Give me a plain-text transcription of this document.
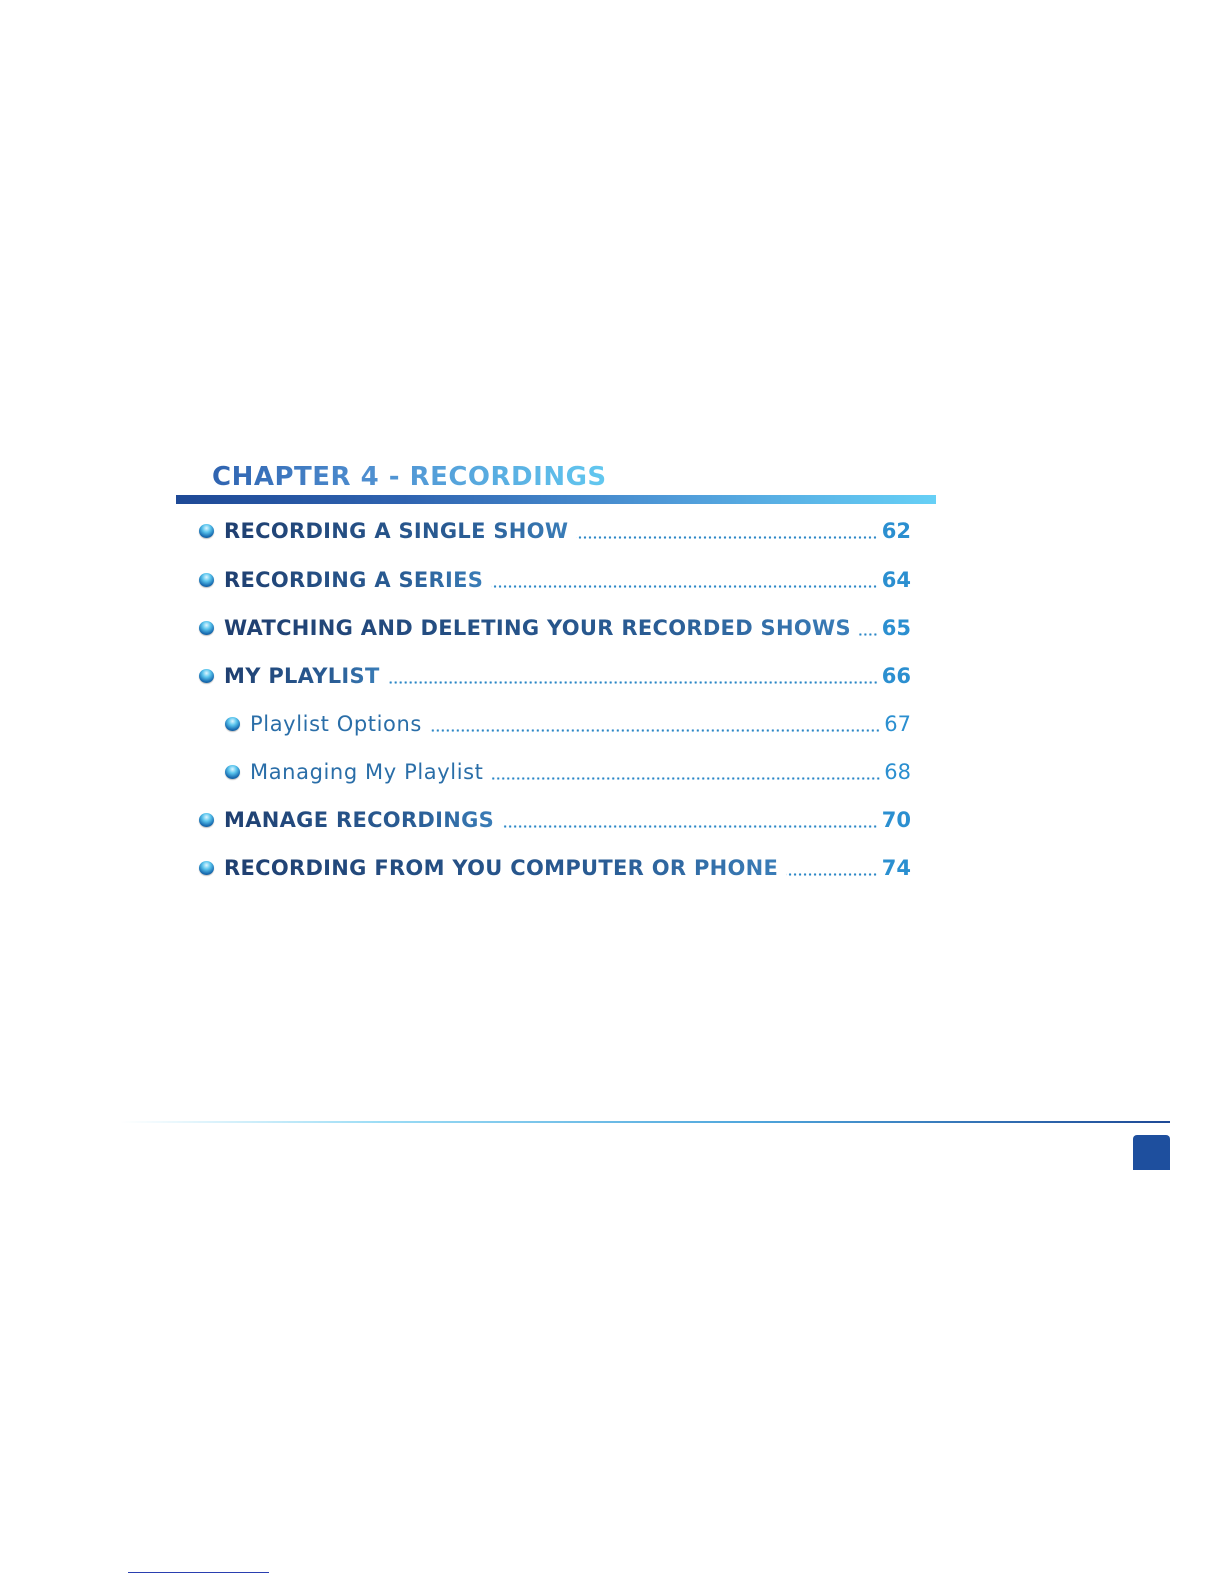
CHAPTER 4 - RECORDINGS
RECORDING A SINGLE SHOW	62
RECORDING A SERIES	64
WATCHING AND DELETING YOUR RECORDED SHOWS 65
MY PLAYLIST	66
Playlist Options	67
Managing My Playlist	68
MANAGE RECORDINGS	70
RECORDING FROM YOU COMPUTER OR PHONE	74
